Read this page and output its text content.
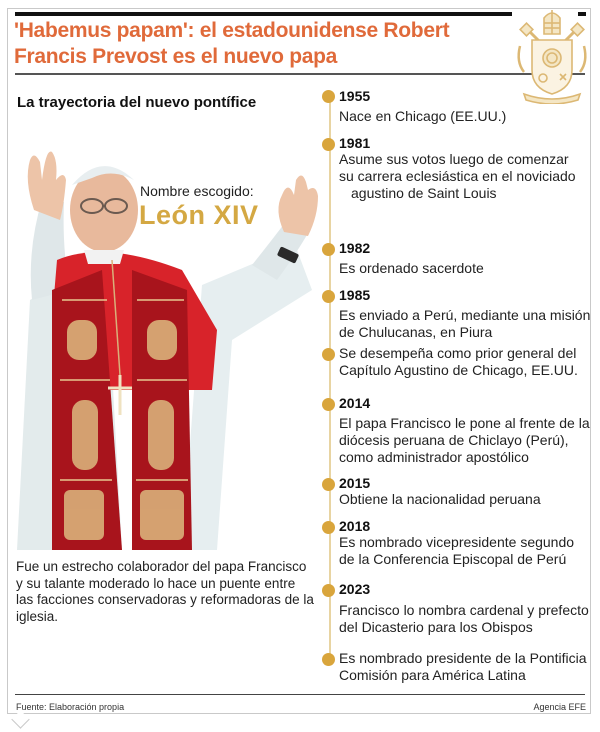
'Habemus papam': el estadounidense Robert
Francis Prevost es el nuevo papa
La trayectoria del nuevo pontífice
Nombre escogido:
León XIV
Fue un estrecho colaborador del papa Francisco y su talante moderado lo hace un puente entre las facciones conservadoras y reformadoras de la iglesia.
1955
Nace en Chicago (EE.UU.)
1981
Asume sus votos luego de comenzar
su carrera eclesiástica en el noviciado
agustino de Saint Louis
1982
Es ordenado sacerdote
1985
Es enviado a Perú, mediante una misión
de Chulucanas, en Piura
Se desempeña como prior general del
Capítulo Agustino de Chicago, EE.UU.
2014
El papa Francisco le pone al frente de la
diócesis peruana de Chiclayo (Perú),
como administrador apostólico
2015
Obtiene la nacionalidad peruana
2018
Es nombrado vicepresidente segundo
de la Conferencia Episcopal de Perú
2023
Francisco lo nombra cardenal y prefecto
del Dicasterio para los Obispos
Es nombrado presidente de la Pontificia
Comisión para América Latina
Fuente: Elaboración propia	Agencia EFE
